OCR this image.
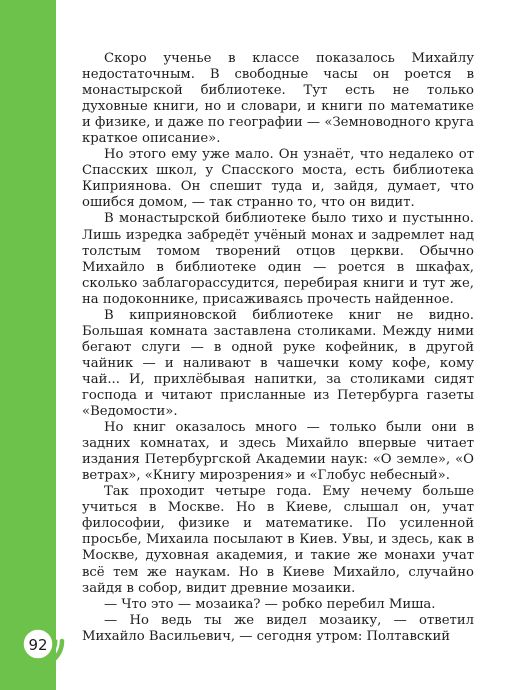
Скоро ученье в классе показалось Михайлу недостаточным. В свободные часы он роется в монастырской библиотеке. Тут есть не только духовные книги, но и словари, и книги по математике и физике, и даже по географии — «Земноводного круга краткое описание».

Но этого ему уже мало. Он узнаёт, что недалеко от Спасских школ, у Спасского моста, есть библиотека Киприянова. Он спешит туда и, зайдя, думает, что ошибся домом, — так странно то, что он видит.

В монастырской библиотеке было тихо и пустынно. Лишь изредка забредёт учёный монах и задремлет над толстым томом творений отцов церкви. Обычно Михайло в библиотеке один — роется в шкафах, сколько заблагорассудится, перебирая книги и тут же, на подоконнике, присаживаясь прочесть найденное.

В киприяновской библиотеке книг не видно. Большая комната заставлена столиками. Между ними бегают слуги — в одной руке кофейник, в другой чайник — и наливают в чашечки кому кофе, кому чай... И, прихлёбывая напитки, за столиками сидят господа и читают присланные из Петербурга газеты «Ведомости».

Но книг оказалось много — только были они в задних комнатах, и здесь Михайло впервые читает издания Петербургской Академии наук: «О земле», «О ветрах», «Книгу мирозрения» и «Глобус небесный».

Так проходит четыре года. Ему нечему больше учиться в Москве. Но в Киеве, слышал он, учат философии, физике и математике. По усиленной просьбе, Михаила посылают в Киев. Увы, и здесь, как в Москве, духовная академия, и такие же монахи учат всё тем же наукам. Но в Киеве Михайло, случайно зайдя в собор, видит древние мозаики.

— Что это — мозаика? — робко перебил Миша.

— Но ведь ты же видел мозаику, — ответил Михайло Васильевич, — сегодня утром: Полтавский

92
